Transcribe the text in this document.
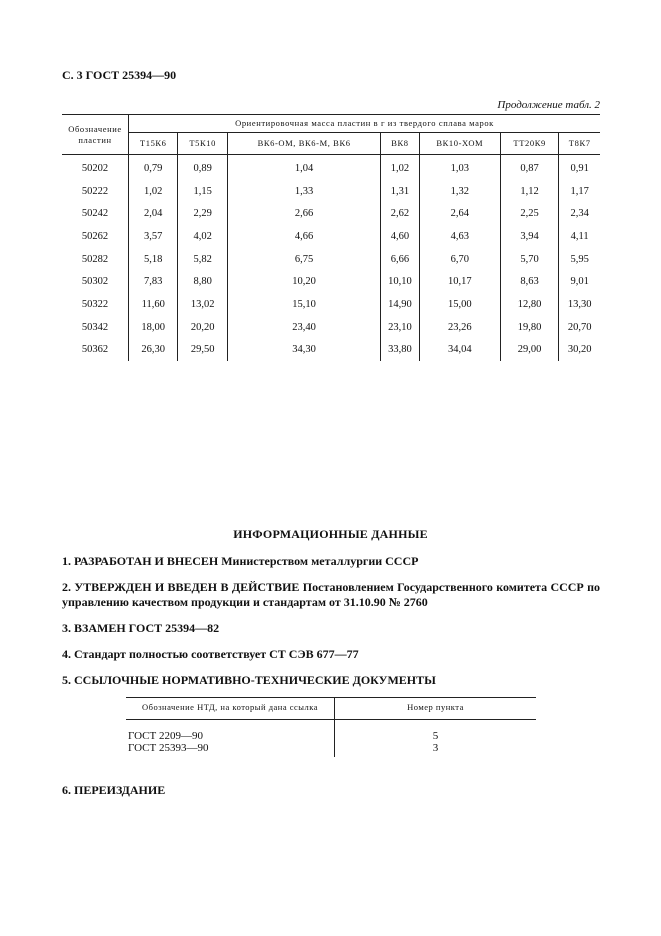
С. 3 ГОСТ 25394—90
Продолжение табл. 2
Обозначение пластин	Ориентировочная масса пластин в г из твердого сплава марок						
	Т15К6	Т5К10	ВК6-ОМ, ВК6-М, ВК6	ВК8	ВК10-ХОМ	ТТ20К9	Т8К7
50202	0,79	0,89	1,04	1,02	1,03	0,87	0,91
50222	1,02	1,15	1,33	1,31	1,32	1,12	1,17
50242	2,04	2,29	2,66	2,62	2,64	2,25	2,34
50262	3,57	4,02	4,66	4,60	4,63	3,94	4,11
50282	5,18	5,82	6,75	6,66	6,70	5,70	5,95
50302	7,83	8,80	10,20	10,10	10,17	8,63	9,01
50322	11,60	13,02	15,10	14,90	15,00	12,80	13,30
50342	18,00	20,20	23,40	23,10	23,26	19,80	20,70
50362	26,30	29,50	34,30	33,80	34,04	29,00	30,20
ИНФОРМАЦИОННЫЕ ДАННЫЕ
1. РАЗРАБОТАН И ВНЕСЕН Министерством металлургии СССР
2. УТВЕРЖДЕН И ВВЕДЕН В ДЕЙСТВИЕ Постановлением Государственного комитета СССР по управлению качеством продукции и стандартам от 31.10.90 № 2760
3. ВЗАМЕН ГОСТ 25394—82
4. Стандарт полностью соответствует СТ СЭВ 677—77
5. ССЫЛОЧНЫЕ НОРМАТИВНО-ТЕХНИЧЕСКИЕ ДОКУМЕНТЫ
Обозначение НТД, на который дана ссылка	Номер пункта

ГОСТ 2209—90	5
ГОСТ 25393—90	3
6. ПЕРЕИЗДАНИЕ
